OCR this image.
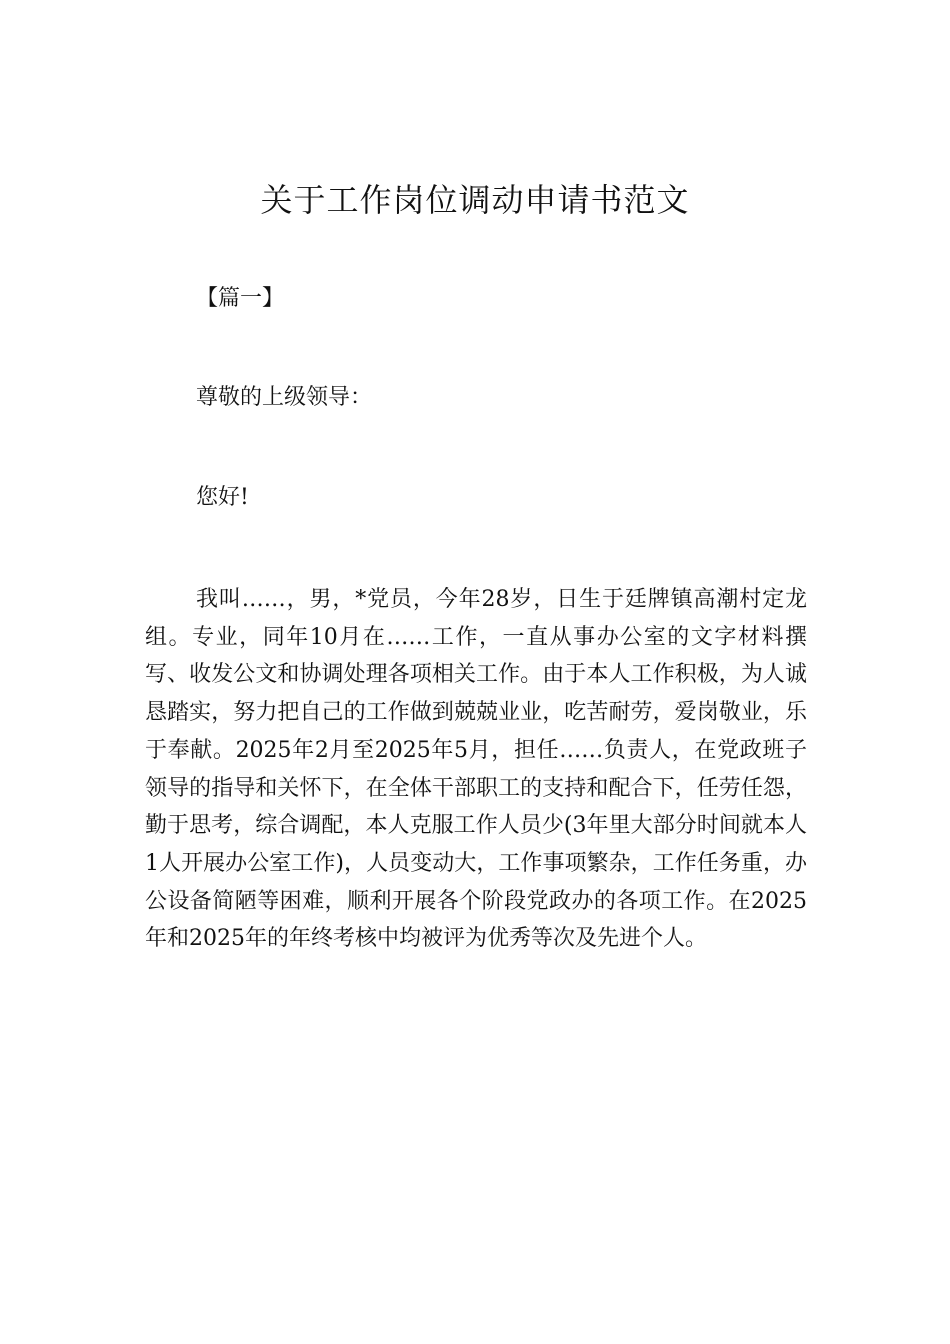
关于工作岗位调动申请书范文
【篇一】
尊敬的上级领导：
您好!

我叫……，男，*党员，今年28岁，日生于廷牌镇高潮村定龙组。专业，同年10月在……工作，一直从事办公室的文字材料撰写、收发公文和协调处理各项相关工作。由于本人工作积极，为人诚恳踏实，努力把自己的工作做到兢兢业业，吃苦耐劳，爱岗敬业，乐于奉献。2025年2月至2025年5月，担任……负责人，在党政班子领导的指导和关怀下，在全体干部职工的支持和配合下，任劳任怨，勤于思考，综合调配，本人克服工作人员少(3年里大部分时间就本人1人开展办公室工作)，人员变动大，工作事项繁杂，工作任务重，办公设备简陋等困难，顺利开展各个阶段党政办的各项工作。在2025年和2025年的年终考核中均被评为优秀等次及先进个人。
